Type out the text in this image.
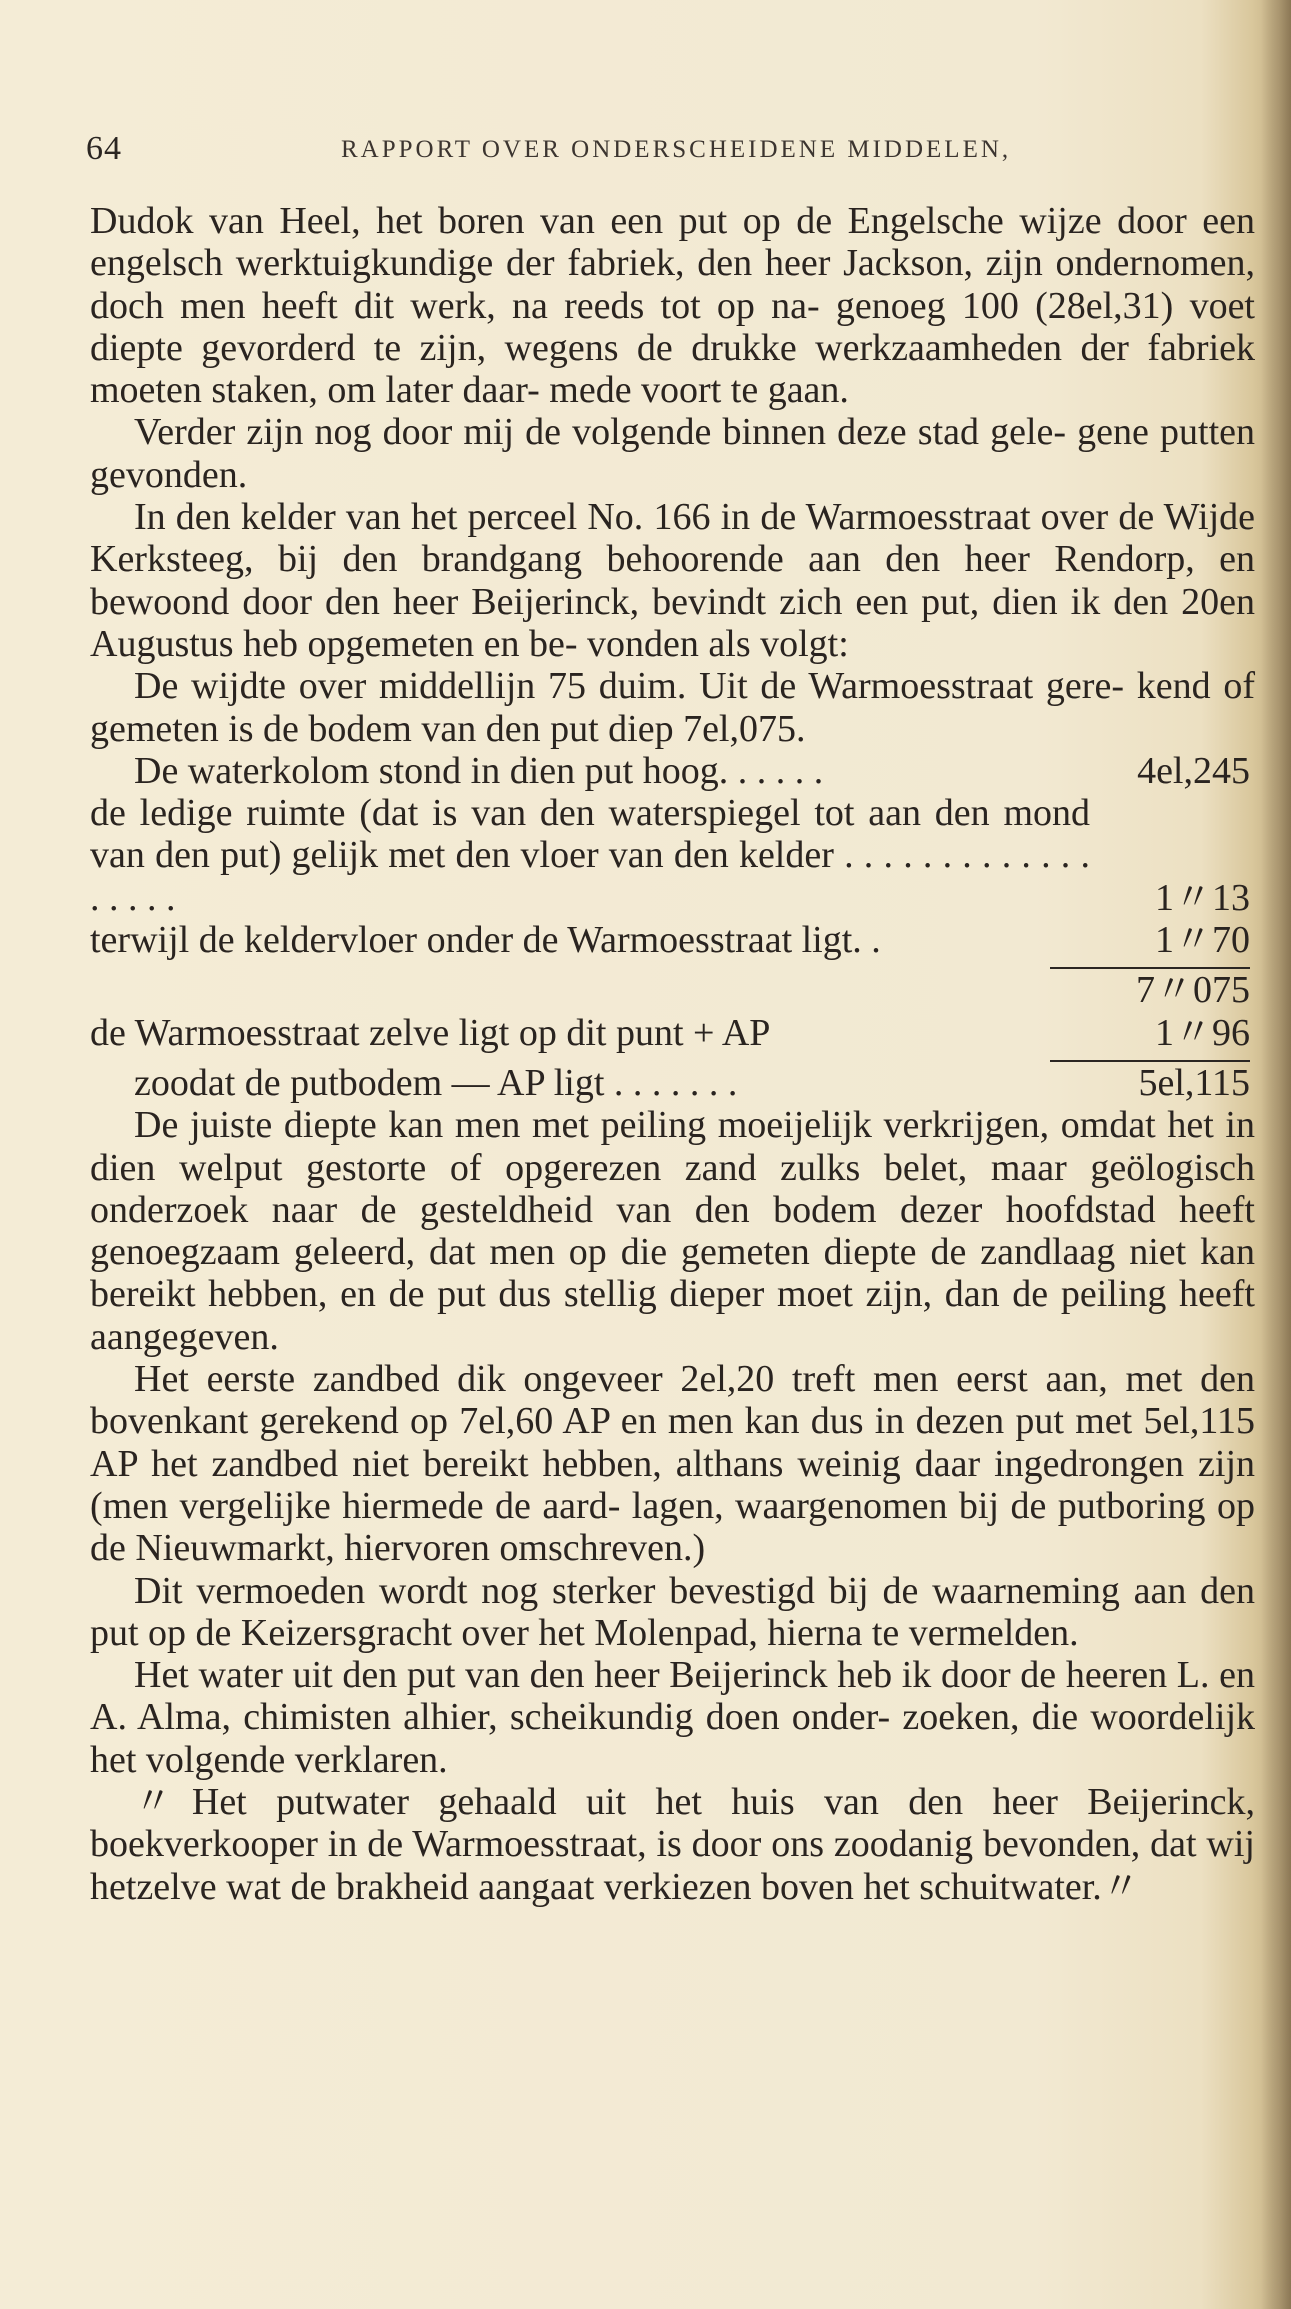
64	RAPPORT OVER ONDERSCHEIDENE MIDDELEN,

Dudok van Heel, het boren van een put op de Engelsche wijze door een engelsch werktuigkundige der fabriek, den heer Jackson, zijn ondernomen, doch men heeft dit werk, na reeds tot op na- genoeg 100 (28el,31) voet diepte gevorderd te zijn, wegens de drukke werkzaamheden der fabriek moeten staken, om later daar- mede voort te gaan.

Verder zijn nog door mij de volgende binnen deze stad gele- gene putten gevonden.

In den kelder van het perceel No. 166 in de Warmoesstraat over de Wijde Kerksteeg, bij den brandgang behoorende aan den heer Rendorp, en bewoond door den heer Beijerinck, bevindt zich een put, dien ik den 20en Augustus heb opgemeten en be- vonden als volgt:

De wijdte over middellijn 75 duim. Uit de Warmoesstraat gere- kend of gemeten is de bodem van den put diep 7el,075.

De waterkolom stond in dien put hoog. . . . . .	4el,245

de ledige ruimte (dat is van den waterspiegel tot aan den mond van den put) gelijk met den vloer van den kelder . . . . . . . . . . . . . . . . . .	1〃13
terwijl de keldervloer onder de Warmoesstraat ligt. .	1〃70
7〃075
de Warmoesstraat zelve ligt op dit punt + AP	1〃96
zoodat de putbodem — AP ligt . . . . . . .	5el,115

De juiste diepte kan men met peiling moeijelijk verkrijgen, omdat het in dien welput gestorte of opgerezen zand zulks belet, maar geölogisch onderzoek naar de gesteldheid van den bodem dezer hoofdstad heeft genoegzaam geleerd, dat men op die gemeten diepte de zandlaag niet kan bereikt hebben, en de put dus stellig dieper moet zijn, dan de peiling heeft aangegeven.

Het eerste zandbed dik ongeveer 2el,20 treft men eerst aan, met den bovenkant gerekend op 7el,60 AP en men kan dus in dezen put met 5el,115 AP het zandbed niet bereikt hebben, althans weinig daar ingedrongen zijn (men vergelijke hiermede de aard- lagen, waargenomen bij de putboring op de Nieuwmarkt, hiervoren omschreven.)

Dit vermoeden wordt nog sterker bevestigd bij de waarneming aan den put op de Keizersgracht over het Molenpad, hierna te vermelden.

Het water uit den put van den heer Beijerinck heb ik door de heeren L. en A. Alma, chimisten alhier, scheikundig doen onder- zoeken, die woordelijk het volgende verklaren.

〃Het putwater gehaald uit het huis van den heer Beijerinck, boekverkooper in de Warmoesstraat, is door ons zoodanig bevonden, dat wij hetzelve wat de brakheid aangaat verkiezen boven het schuitwater.〃
